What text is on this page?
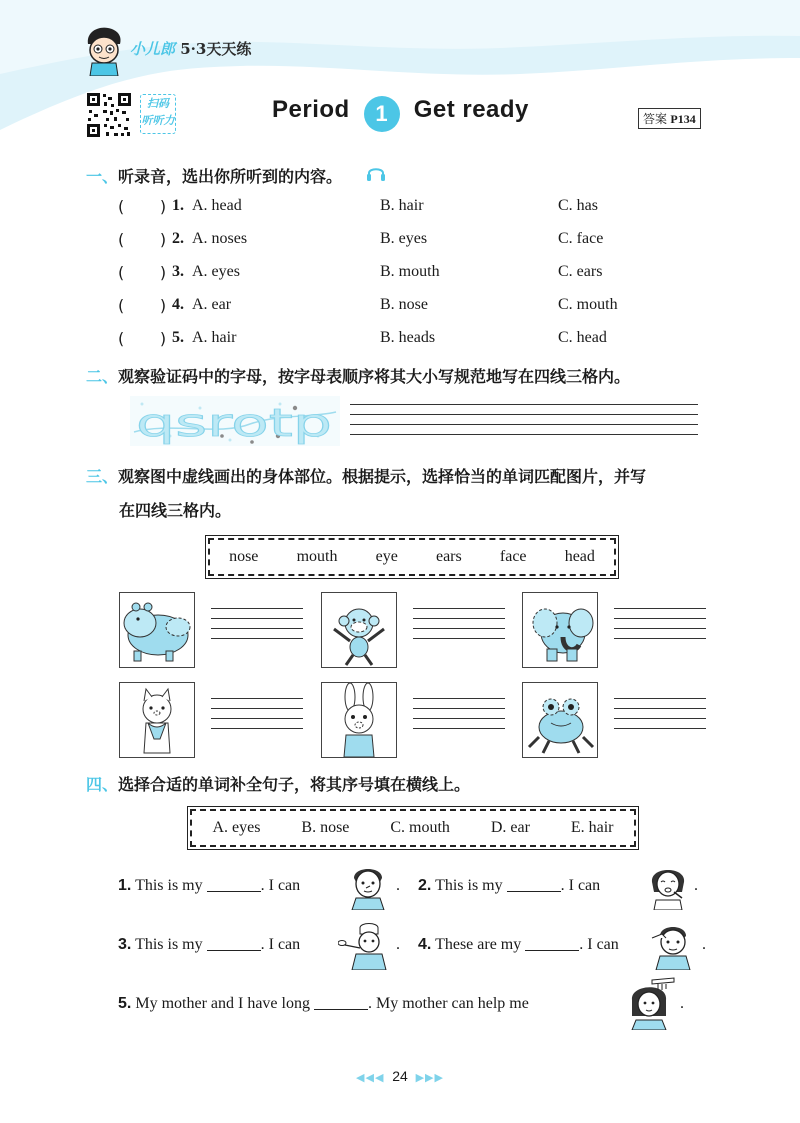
小儿郎 5·3天天练
扫码 听听力	Period 1 Get ready	答案 P134
一、听录音，选出你所听到的内容。
(       ) 1. A. head	B. hair	C. has
(       ) 2. A. noses	B. eyes	C. face
(       ) 3. A. eyes	B. mouth	C. ears
(       ) 4. A. ear	B. nose	C. mouth
(       ) 5. A. hair	B. heads	C. head
二、观察验证码中的字母，按字母表顺序将其大小写规范地写在四线三格内。
qsrotp
三、观察图中虚线画出的身体部位。根据提示，选择恰当的单词匹配图片，并写
在四线三格内。
nose mouth eye ears face head
四、选择合适的单词补全句子，将其序号填在横线上。
A. eyes	B. nose	C. mouth	D. ear	E. hair
1. This is my	. I can	. 2. This is my	. I can	.
3. This is my	. I can	. 4. These are my	. I can	.
5. My mother and I have long	. My mother can help me	.
◀◀◀ 24 ▶▶▶
